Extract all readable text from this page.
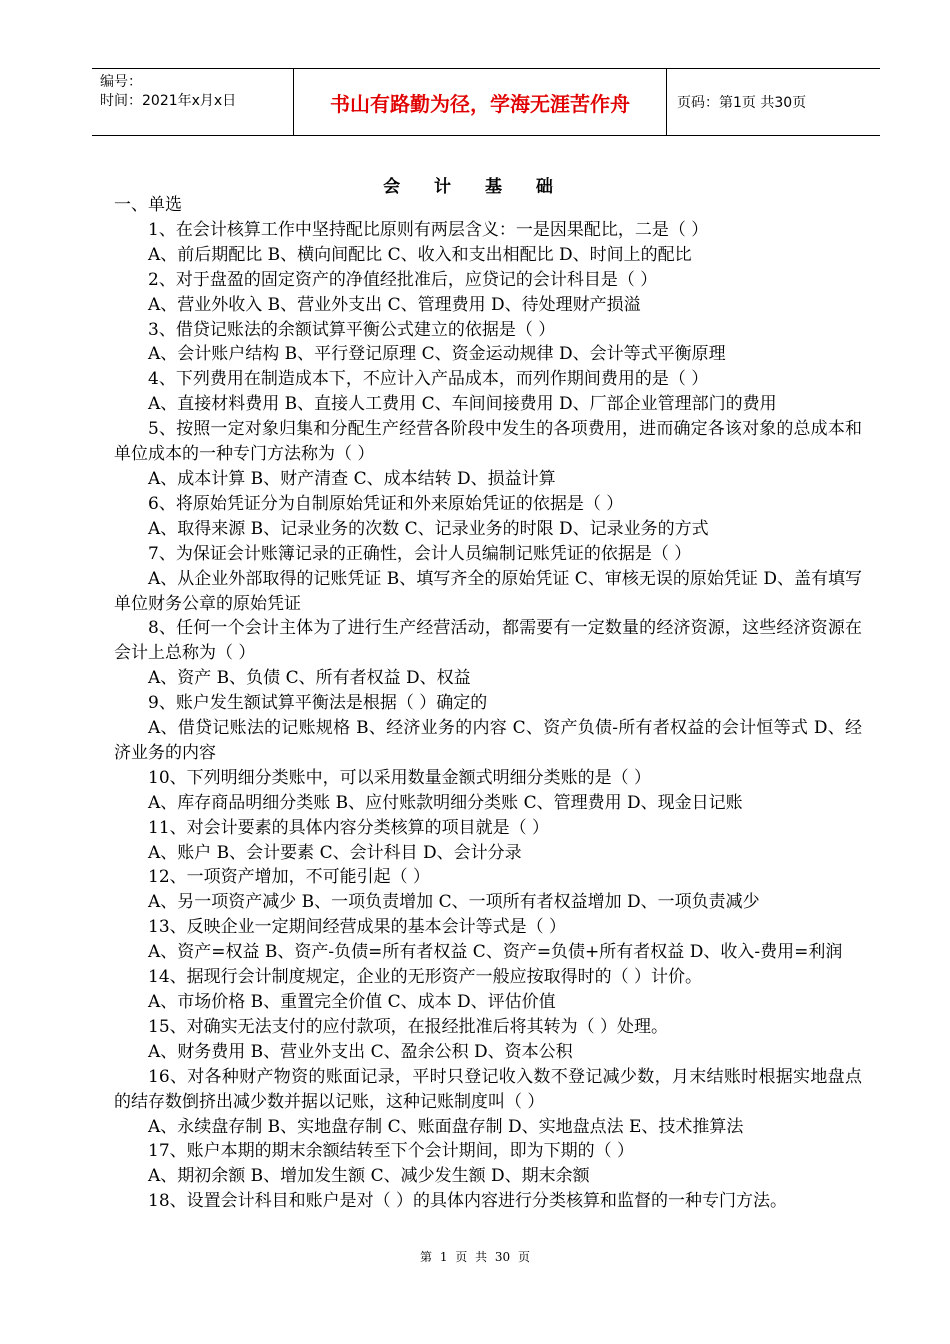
编号：
时间：2021年x月x日	书山有路勤为径，学海无涯苦作舟	页码：第1页 共30页
会 计 基 础
一、单选
1、在会计核算工作中坚持配比原则有两层含义：一是因果配比，二是（ ）
A、前后期配比 B、横向间配比 C、收入和支出相配比 D、时间上的配比
2、对于盘盈的固定资产的净值经批准后，应贷记的会计科目是（ ）
A、营业外收入 B、营业外支出 C、管理费用 D、待处理财产损溢
3、借贷记账法的余额试算平衡公式建立的依据是（ ）
A、会计账户结构 B、平行登记原理 C、资金运动规律 D、会计等式平衡原理
4、下列费用在制造成本下，不应计入产品成本，而列作期间费用的是（ ）
A、直接材料费用 B、直接人工费用 C、车间间接费用 D、厂部企业管理部门的费用
5、按照一定对象归集和分配生产经营各阶段中发生的各项费用，进而确定各该对象的总成本和单位成本的一种专门方法称为（ ）
A、成本计算 B、财产清查 C、成本结转 D、损益计算
6、将原始凭证分为自制原始凭证和外来原始凭证的依据是（ ）
A、取得来源 B、记录业务的次数 C、记录业务的时限 D、记录业务的方式
7、为保证会计账簿记录的正确性，会计人员编制记账凭证的依据是（ ）
A、从企业外部取得的记账凭证 B、填写齐全的原始凭证 C、审核无误的原始凭证 D、盖有填写单位财务公章的原始凭证
8、任何一个会计主体为了进行生产经营活动，都需要有一定数量的经济资源，这些经济资源在会计上总称为（ ）
A、资产 B、负债 C、所有者权益 D、权益
9、账户发生额试算平衡法是根据（ ）确定的
A、借贷记账法的记账规格 B、经济业务的内容 C、资产负债-所有者权益的会计恒等式 D、经济业务的内容
10、下列明细分类账中，可以采用数量金额式明细分类账的是（ ）
A、库存商品明细分类账 B、应付账款明细分类账 C、管理费用 D、现金日记账
11、对会计要素的具体内容分类核算的项目就是（ ）
A、账户 B、会计要素 C、会计科目 D、会计分录
12、一项资产增加，不可能引起（ ）
A、另一项资产减少 B、一项负责增加 C、一项所有者权益增加 D、一项负责减少
13、反映企业一定期间经营成果的基本会计等式是（ ）
A、资产=权益 B、资产-负债=所有者权益 C、资产=负债+所有者权益 D、收入-费用=利润
14、据现行会计制度规定，企业的无形资产一般应按取得时的（ ）计价。
A、市场价格 B、重置完全价值 C、成本 D、评估价值
15、对确实无法支付的应付款项，在报经批准后将其转为（ ）处理。
A、财务费用 B、营业外支出 C、盈余公积 D、资本公积
16、对各种财产物资的账面记录，平时只登记收入数不登记减少数，月末结账时根据实地盘点的结存数倒挤出减少数并据以记账，这种记账制度叫（ ）
A、永续盘存制 B、实地盘存制 C、账面盘存制 D、实地盘点法 E、技术推算法
17、账户本期的期末余额结转至下个会计期间，即为下期的（ ）
A、期初余额 B、增加发生额 C、减少发生额 D、期末余额
18、设置会计科目和账户是对（ ）的具体内容进行分类核算和监督的一种专门方法。
第 1 页 共 30 页
